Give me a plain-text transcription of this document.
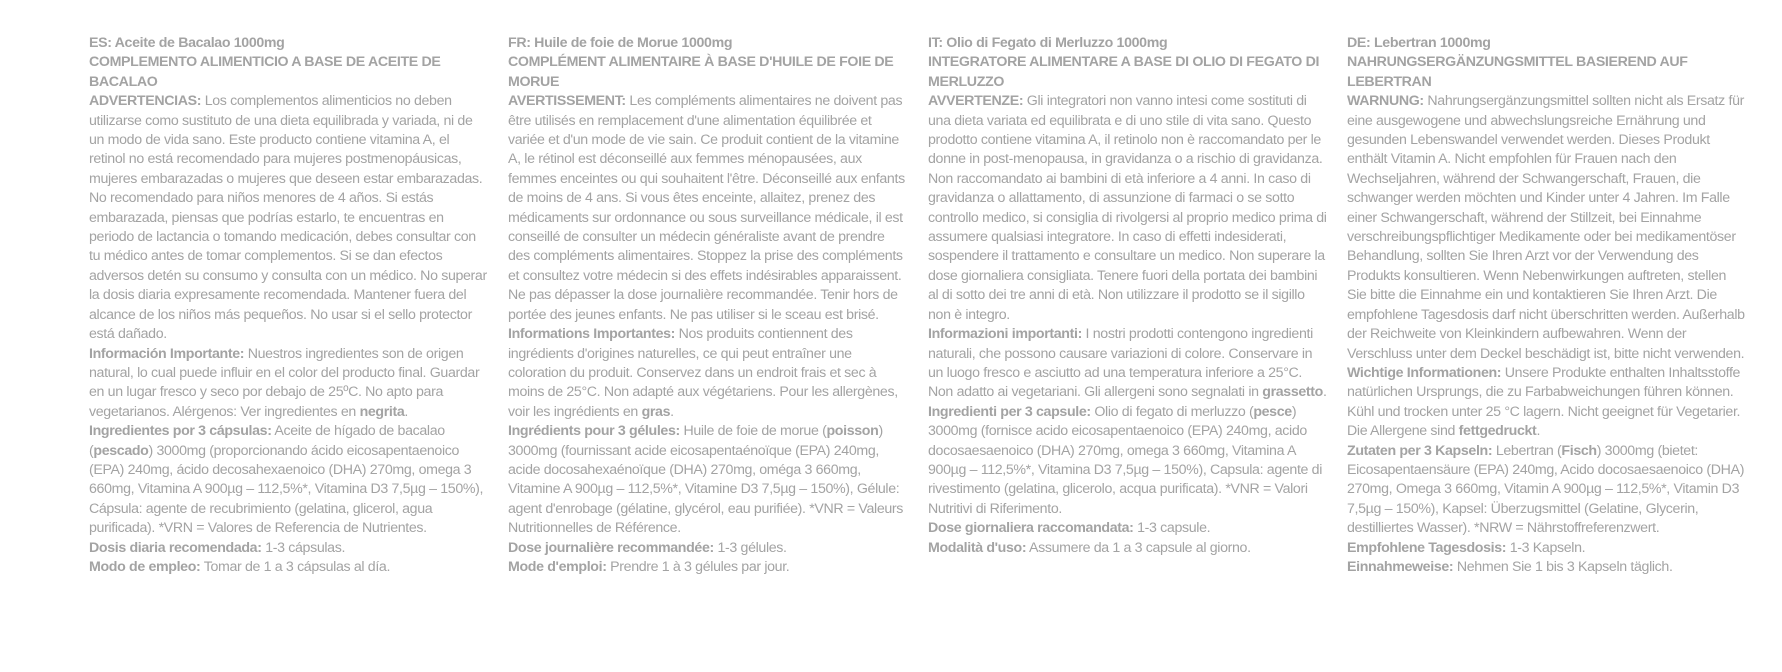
ES: Aceite de Bacalao 1000mg
COMPLEMENTO ALIMENTICIO A BASE DE ACEITE DE BACALAO

ADVERTENCIAS: Los complementos alimenticios no deben utilizarse como sustituto de una dieta equilibrada y variada, ni de un modo de vida sano. Este producto contiene vitamina A, el retinol no está recomendado para mujeres postmenopáusicas, mujeres embarazadas o mujeres que deseen estar embarazadas. No recomendado para niños menores de 4 años. Si estás embarazada, piensas que podrías estarlo, te encuentras en periodo de lactancia o tomando medicación, debes consultar con tu médico antes de tomar complementos. Si se dan efectos adversos detén su consumo y consulta con un médico. No superar la dosis diaria expresamente recomendada. Mantener fuera del alcance de los niños más pequeños. No usar si el sello protector está dañado.

Información Importante: Nuestros ingredientes son de origen natural, lo cual puede influir en el color del producto final. Guardar en un lugar fresco y seco por debajo de 25ºC. No apto para vegetarianos. Alérgenos: Ver ingredientes en negrita.

Ingredientes por 3 cápsulas: Aceite de hígado de bacalao (pescado) 3000mg (proporcionando ácido eicosapentaenoico (EPA) 240mg, ácido decosahexaenoico (DHA) 270mg, omega 3 660mg, Vitamina A 900µg – 112,5%*, Vitamina D3 7,5µg – 150%), Cápsula: agente de recubrimiento (gelatina, glicerol, agua purificada). *VRN = Valores de Referencia de Nutrientes.

Dosis diaria recomendada: 1-3 cápsulas.

Modo de empleo: Tomar de 1 a 3 cápsulas al día.

FR: Huile de foie de Morue 1000mg
COMPLÉMENT ALIMENTAIRE À BASE D'HUILE DE FOIE DE MORUE

AVERTISSEMENT: Les compléments alimentaires ne doivent pas être utilisés en remplacement d'une alimentation équilibrée et variée et d'un mode de vie sain. Ce produit contient de la vitamine A, le rétinol est déconseillé aux femmes ménopausées, aux femmes enceintes ou qui souhaitent l'être. Déconseillé aux enfants de moins de 4 ans. Si vous êtes enceinte, allaitez, prenez des médicaments sur ordonnance ou sous surveillance médicale, il est conseillé de consulter un médecin généraliste avant de prendre des compléments alimentaires. Stoppez la prise des compléments et consultez votre médecin si des effets indésirables apparaissent. Ne pas dépasser la dose journalière recommandée. Tenir hors de portée des jeunes enfants. Ne pas utiliser si le sceau est brisé.

Informations Importantes: Nos produits contiennent des ingrédients d'origines naturelles, ce qui peut entraîner une coloration du produit. Conservez dans un endroit frais et sec à moins de 25°C. Non adapté aux végétariens. Pour les allergènes, voir les ingrédients en gras.

Ingrédients pour 3 gélules: Huile de foie de morue (poisson) 3000mg (fournissant acide eicosapentaénoïque (EPA) 240mg, acide docosahexaénoïque (DHA) 270mg, oméga 3 660mg, Vitamine A 900µg – 112,5%*, Vitamine D3 7,5µg – 150%), Gélule: agent d'enrobage (gélatine, glycérol, eau purifiée). *VNR = Valeurs Nutritionnelles de Référence.

Dose journalière recommandée: 1-3 gélules.

Mode d'emploi: Prendre 1 à 3 gélules par jour.

IT: Olio di Fegato di Merluzzo 1000mg
INTEGRATORE ALIMENTARE A BASE DI OLIO DI FEGATO DI MERLUZZO

AVVERTENZE: Gli integratori non vanno intesi come sostituti di una dieta variata ed equilibrata e di uno stile di vita sano. Questo prodotto contiene vitamina A, il retinolo non è raccomandato per le donne in post-menopausa, in gravidanza o a rischio di gravidanza. Non raccomandato ai bambini di età inferiore a 4 anni. In caso di gravidanza o allattamento, di assunzione di farmaci o se sotto controllo medico, si consiglia di rivolgersi al proprio medico prima di assumere qualsiasi integratore. In caso di effetti indesiderati, sospendere il trattamento e consultare un medico. Non superare la dose giornaliera consigliata. Tenere fuori della portata dei bambini al di sotto dei tre anni di età. Non utilizzare il prodotto se il sigillo non è integro.

Informazioni importanti: I nostri prodotti contengono ingredienti naturali, che possono causare variazioni di colore. Conservare in un luogo fresco e asciutto ad una temperatura inferiore a 25°C. Non adatto ai vegetariani. Gli allergeni sono segnalati in grassetto.

Ingredienti per 3 capsule: Olio di fegato di merluzzo (pesce) 3000mg (fornisce acido eicosapentaenoico (EPA) 240mg, acido docosaesaenoico (DHA) 270mg, omega 3 660mg, Vitamina A 900µg – 112,5%*, Vitamina D3 7,5µg – 150%), Capsula: agente di rivestimento (gelatina, glicerolo, acqua purificata). *VNR = Valori Nutritivi di Riferimento.

Dose giornaliera raccomandata: 1-3 capsule.

Modalità d'uso: Assumere da 1 a 3 capsule al giorno.

DE: Lebertran 1000mg
NAHRUNGSERGÄNZUNGSMITTEL BASIEREND AUF LEBERTRAN

WARNUNG: Nahrungsergänzungsmittel sollten nicht als Ersatz für eine ausgewogene und abwechslungsreiche Ernährung und gesunden Lebenswandel verwendet werden. Dieses Produkt enthält Vitamin A. Nicht empfohlen für Frauen nach den Wechseljahren, während der Schwangerschaft, Frauen, die schwanger werden möchten und Kinder unter 4 Jahren. Im Falle einer Schwangerschaft, während der Stillzeit, bei Einnahme verschreibungspflichtiger Medikamente oder bei medikamentöser Behandlung, sollten Sie Ihren Arzt vor der Verwendung des Produkts konsultieren. Wenn Nebenwirkungen auftreten, stellen Sie bitte die Einnahme ein und kontaktieren Sie Ihren Arzt. Die empfohlene Tagesdosis darf nicht überschritten werden. Außerhalb der Reichweite von Kleinkindern aufbewahren. Wenn der Verschluss unter dem Deckel beschädigt ist, bitte nicht verwenden.

Wichtige Informationen: Unsere Produkte enthalten Inhaltsstoffe natürlichen Ursprungs, die zu Farbabweichungen führen können. Kühl und trocken unter 25 °C lagern. Nicht geeignet für Vegetarier. Die Allergene sind fettgedruckt.

Zutaten per 3 Kapseln: Lebertran (Fisch) 3000mg (bietet: Eicosapentaensäure (EPA) 240mg, Acido docosaesaenoico (DHA) 270mg, Omega 3 660mg, Vitamin A 900µg – 112,5%*, Vitamin D3 7,5µg – 150%), Kapsel: Überzugsmittel (Gelatine, Glycerin, destilliertes Wasser). *NRW = Nährstoffreferenzwert.

Empfohlene Tagesdosis: 1-3 Kapseln.

Einnahmeweise: Nehmen Sie 1 bis 3 Kapseln täglich.
